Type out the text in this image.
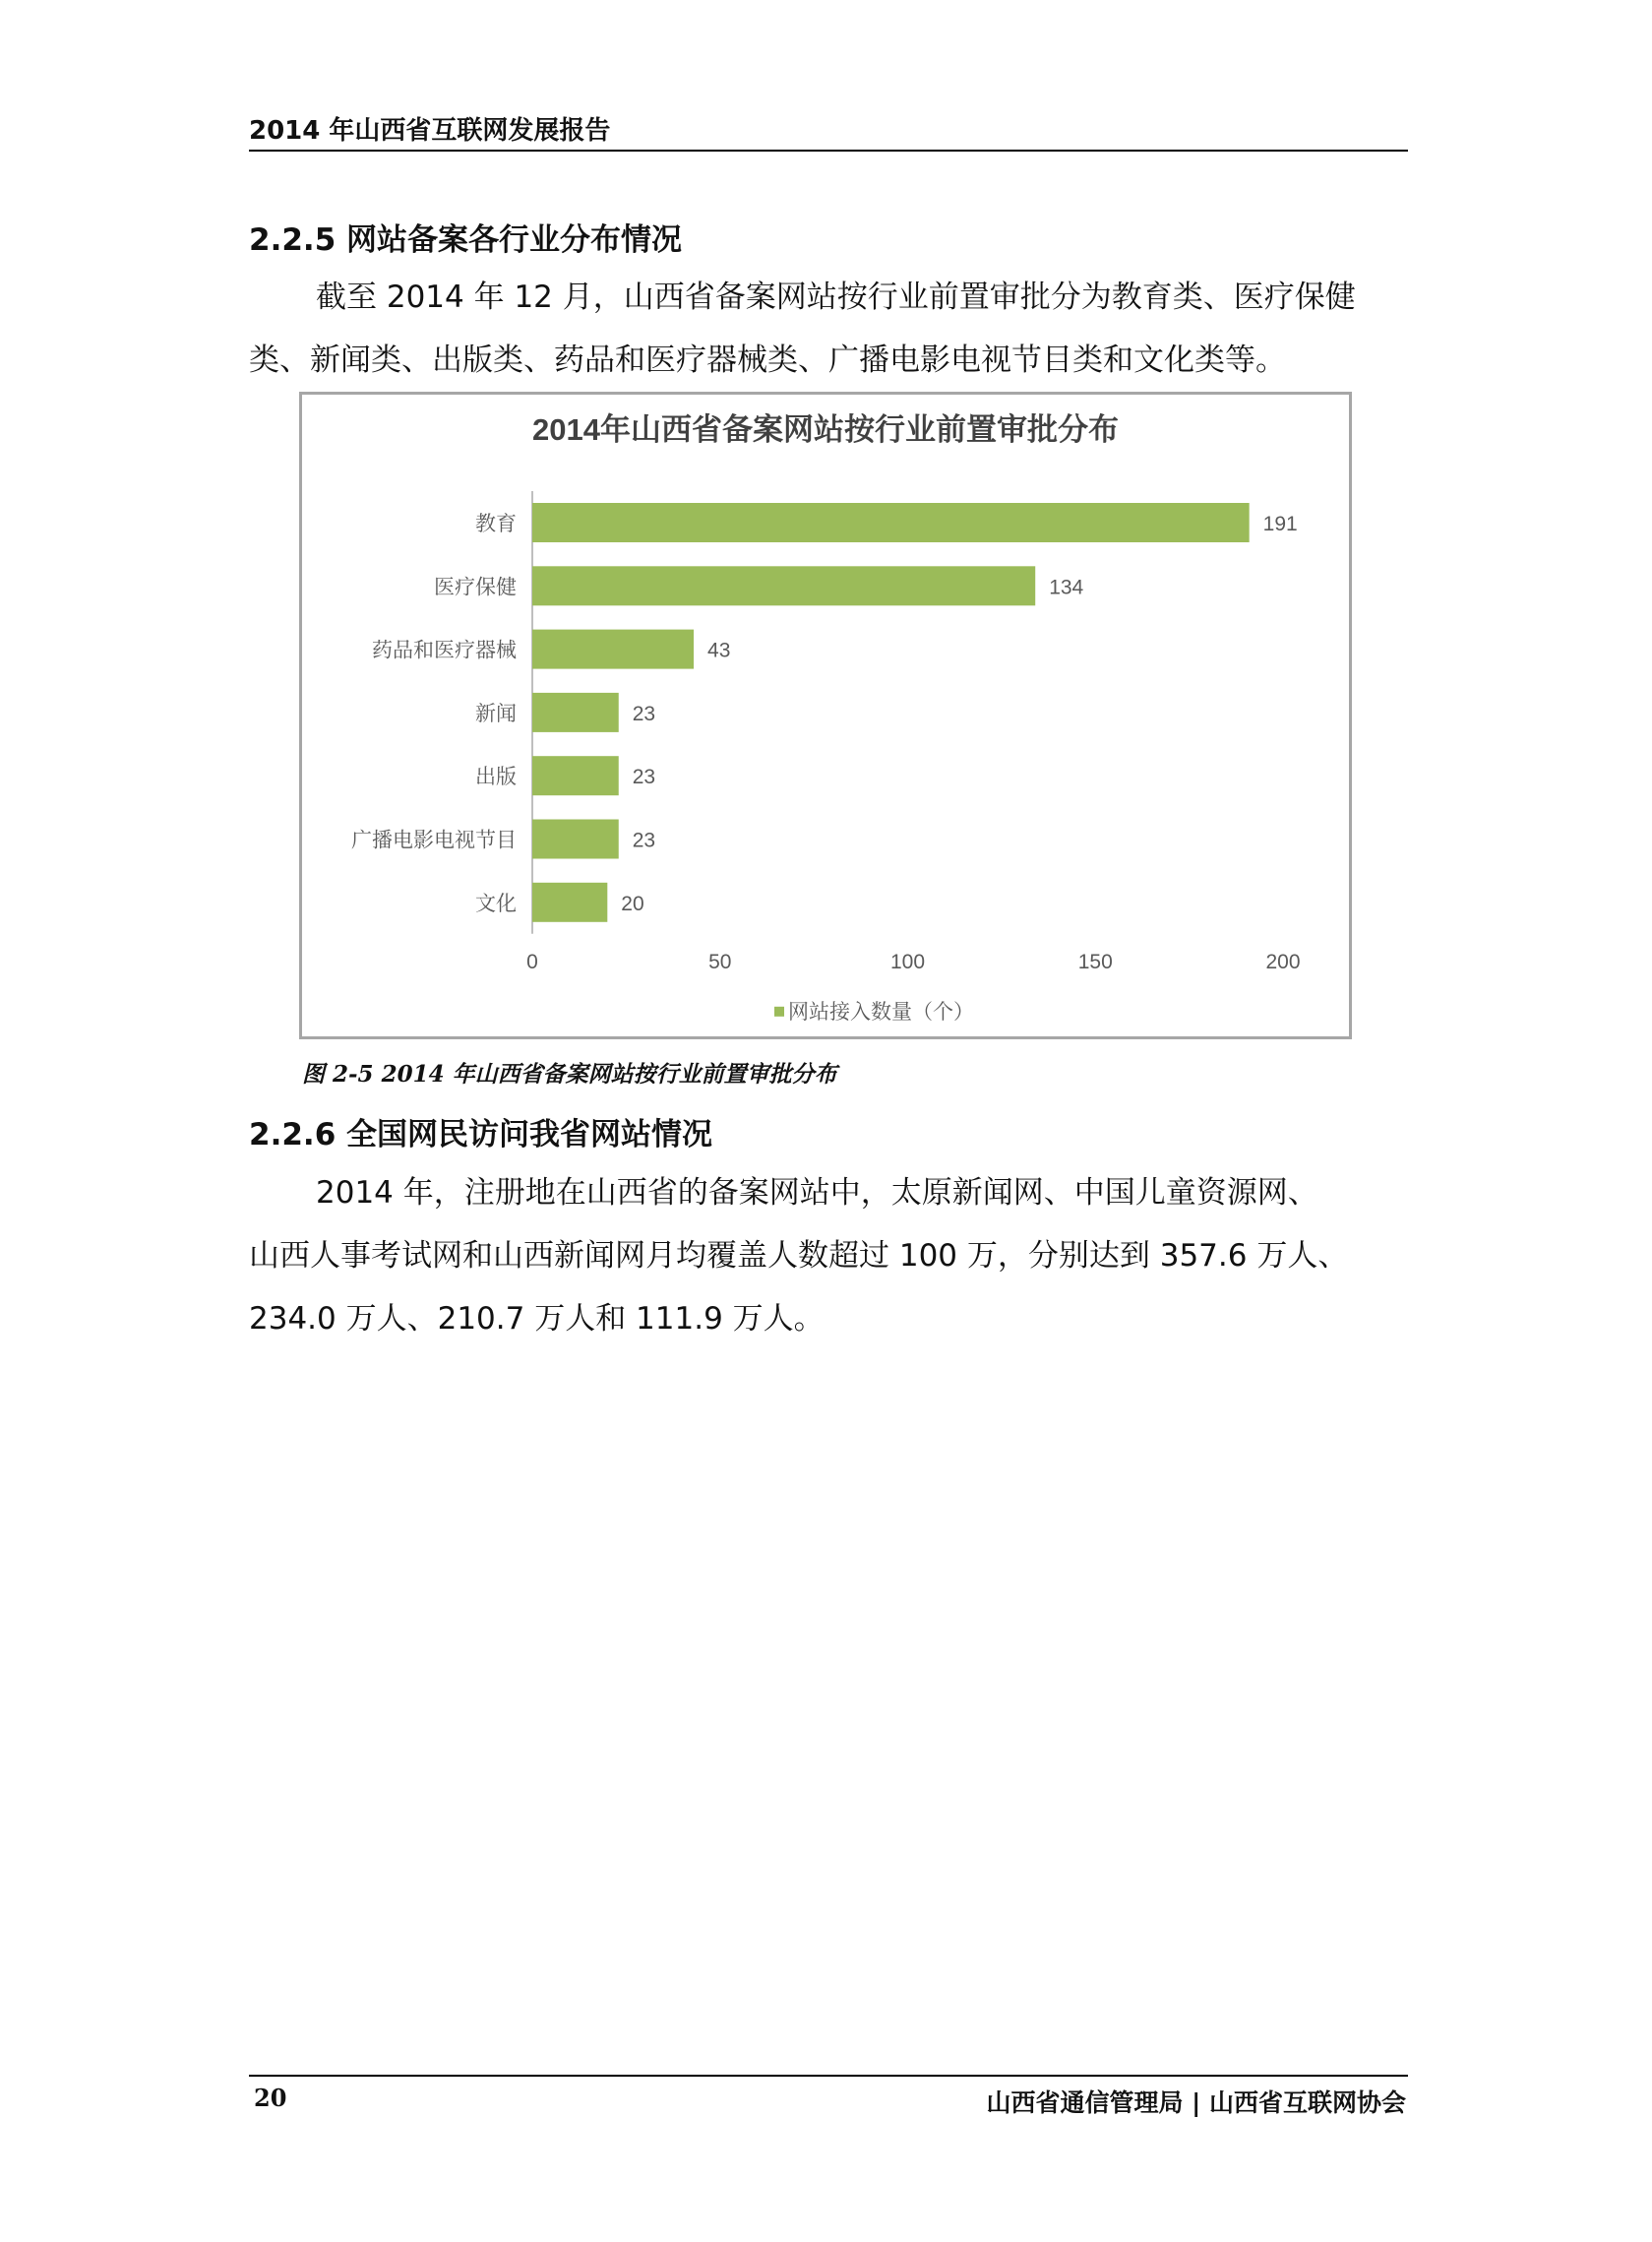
2014 年山西省互联网发展报告
2.2.5 网站备案各行业分布情况

截至 2014 年 12 月，山西省备案网站按行业前置审批分为教育类、医疗保健

类、新闻类、出版类、药品和医疗器械类、广播电影电视节目类和文化类等。

2014年山西省备案网站按行业前置审批分布
教育	191
医疗保健	134
药品和医疗器械	43
新闻	23
出版	23
广播电影电视节目	23
文化	20
0	50	100	150	200
网站接入数量（个）
图 2-5 2014 年山西省备案网站按行业前置审批分布
2.2.6 全国网民访问我省网站情况

2014 年，注册地在山西省的备案网站中，太原新闻网、中国儿童资源网、

山西人事考试网和山西新闻网月均覆盖人数超过 100 万，分别达到 357.6 万人、

234.0 万人、210.7 万人和 111.9 万人。

20	山西省通信管理局 | 山西省互联网协会
